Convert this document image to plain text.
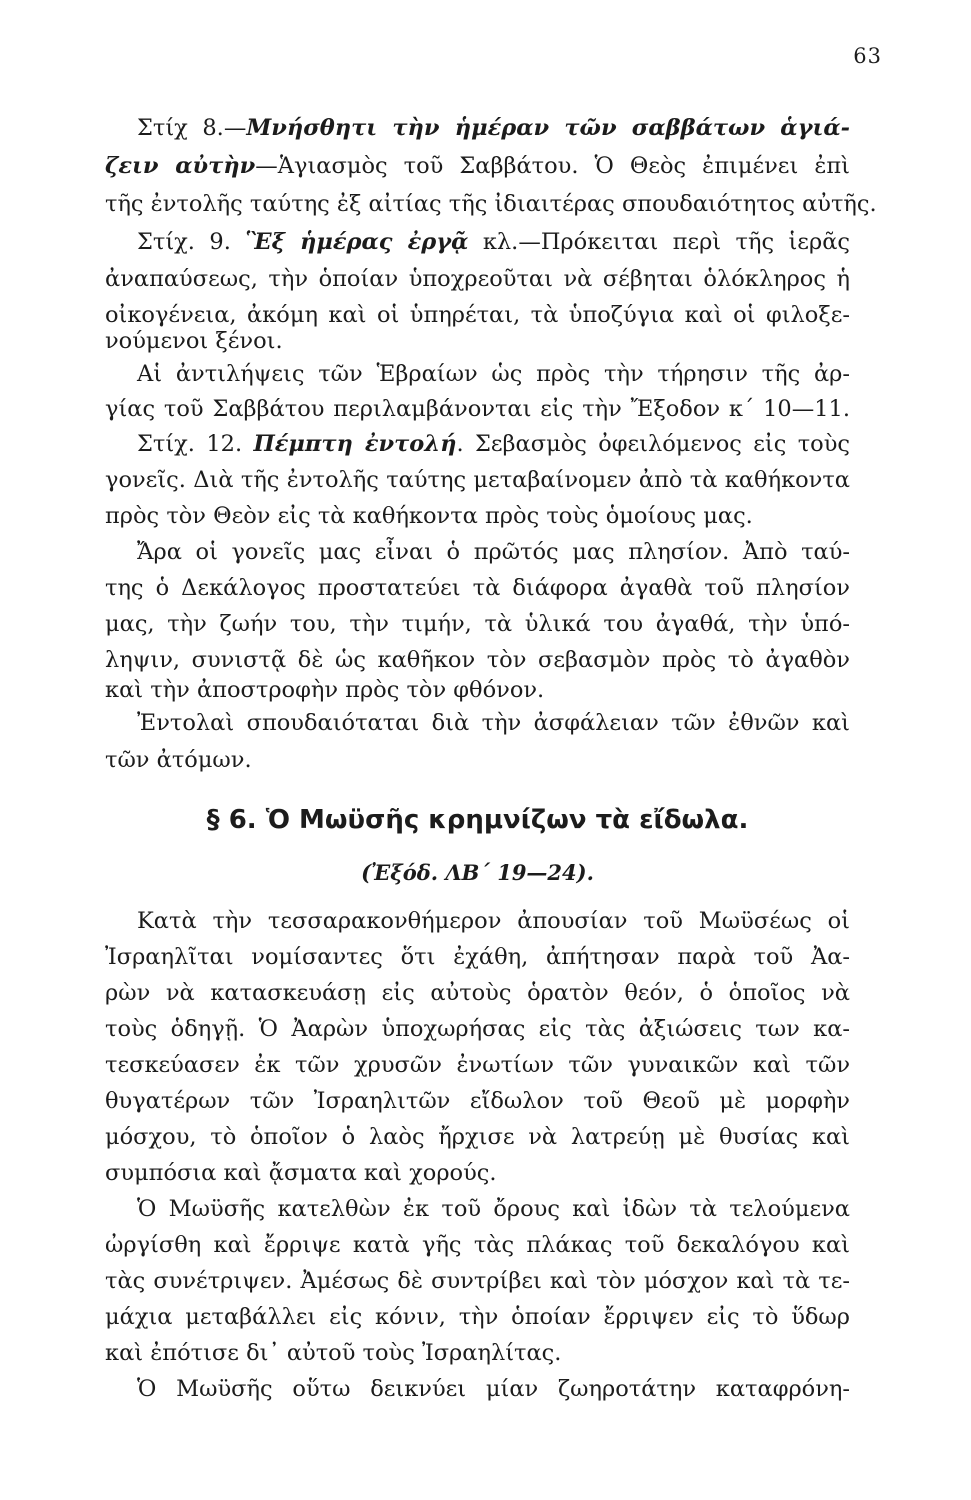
63
Στίχ 8.—Μνήσθητι τὴν ἡμέραν τῶν σαββάτων ἁγιά-
ζειν αὐτὴν—Ἁγιασμὸς τοῦ Σαββάτου. Ὁ Θεὸς ἐπιμένει ἐπὶ
τῆς ἐντολῆς ταύτης ἐξ αἰτίας τῆς ἰδιαιτέρας σπουδαιότητος αὐτῆς.
Στίχ. 9. Ἓξ ἡμέρας ἐργᾷ κλ.—Πρόκειται περὶ τῆς ἱερᾶς
ἀναπαύσεως, τὴν ὁποίαν ὑποχρεοῦται νὰ σέβηται ὁλόκληρος ἡ
οἰκογένεια, ἀκόμη καὶ οἱ ὑπηρέται, τὰ ὑποζύγια καὶ οἱ φιλοξε-
νούμενοι ξένοι.
Αἱ ἀντιλήψεις τῶν Ἑβραίων ὡς πρὸς τὴν τήρησιν τῆς ἀρ-
γίας τοῦ Σαββάτου περιλαμβάνονται εἰς τὴν Ἔξοδον κ΄ 10—11.
Στίχ. 12. Πέμπτη ἐντολή. Σεβασμὸς ὀφειλόμενος εἰς τοὺς
γονεῖς. Διὰ τῆς ἐντολῆς ταύτης μεταβαίνομεν ἀπὸ τὰ καθήκοντα
πρὸς τὸν Θεὸν εἰς τὰ καθήκοντα πρὸς τοὺς ὁμοίους μας.
Ἄρα οἱ γονεῖς μας εἶναι ὁ πρῶτός μας πλησίον. Ἀπὸ ταύ-
της ὁ Δεκάλογος προστατεύει τὰ διάφορα ἀγαθὰ τοῦ πλησίον
μας, τὴν ζωήν του, τὴν τιμήν, τὰ ὑλικά του ἀγαθά, τὴν ὑπό-
ληψιν, συνιστᾷ δὲ ὡς καθῆκον τὸν σεβασμὸν πρὸς τὸ ἀγαθὸν
καὶ τὴν ἀποστροφὴν πρὸς τὸν φθόνον.
Ἐντολαὶ σπουδαιόταται διὰ τὴν ἀσφάλειαν τῶν ἐθνῶν καὶ
τῶν ἀτόμων.
§ 6. Ὁ Μωϋσῆς κρημνίζων τὰ εἴδωλα.
(Ἐξόδ. ΛΒ΄ 19—24).
Κατὰ τὴν τεσσαρακονθήμερον ἀπουσίαν τοῦ Μωϋσέως οἱ
Ἰσραηλῖται νομίσαντες ὅτι ἐχάθη, ἀπήτησαν παρὰ τοῦ Ἀα-
ρὼν νὰ κατασκευάσῃ εἰς αὐτοὺς ὁρατὸν θεόν, ὁ ὁποῖος νὰ
τοὺς ὁδηγῇ. Ὁ Ἀαρὼν ὑποχωρήσας εἰς τὰς ἀξιώσεις των κα-
τεσκεύασεν ἐκ τῶν χρυσῶν ἐνωτίων τῶν γυναικῶν καὶ τῶν
θυγατέρων τῶν Ἰσραηλιτῶν εἴδωλον τοῦ Θεοῦ μὲ μορφὴν
μόσχου, τὸ ὁποῖον ὁ λαὸς ἤρχισε νὰ λατρεύῃ μὲ θυσίας καὶ
συμπόσια καὶ ᾄσματα καὶ χορούς.
Ὁ Μωϋσῆς κατελθὼν ἐκ τοῦ ὄρους καὶ ἰδὼν τὰ τελούμενα
ὠργίσθη καὶ ἔρριψε κατὰ γῆς τὰς πλάκας τοῦ δεκαλόγου καὶ
τὰς συνέτριψεν. Ἀμέσως δὲ συντρίβει καὶ τὸν μόσχον καὶ τὰ τε-
μάχια μεταβάλλει εἰς κόνιν, τὴν ὁποίαν ἔρριψεν εἰς τὸ ὕδωρ
καὶ ἐπότισε δι᾽ αὐτοῦ τοὺς Ἰσραηλίτας.
Ὁ Μωϋσῆς οὕτω δεικνύει μίαν ζωηροτάτην καταφρόνη-
